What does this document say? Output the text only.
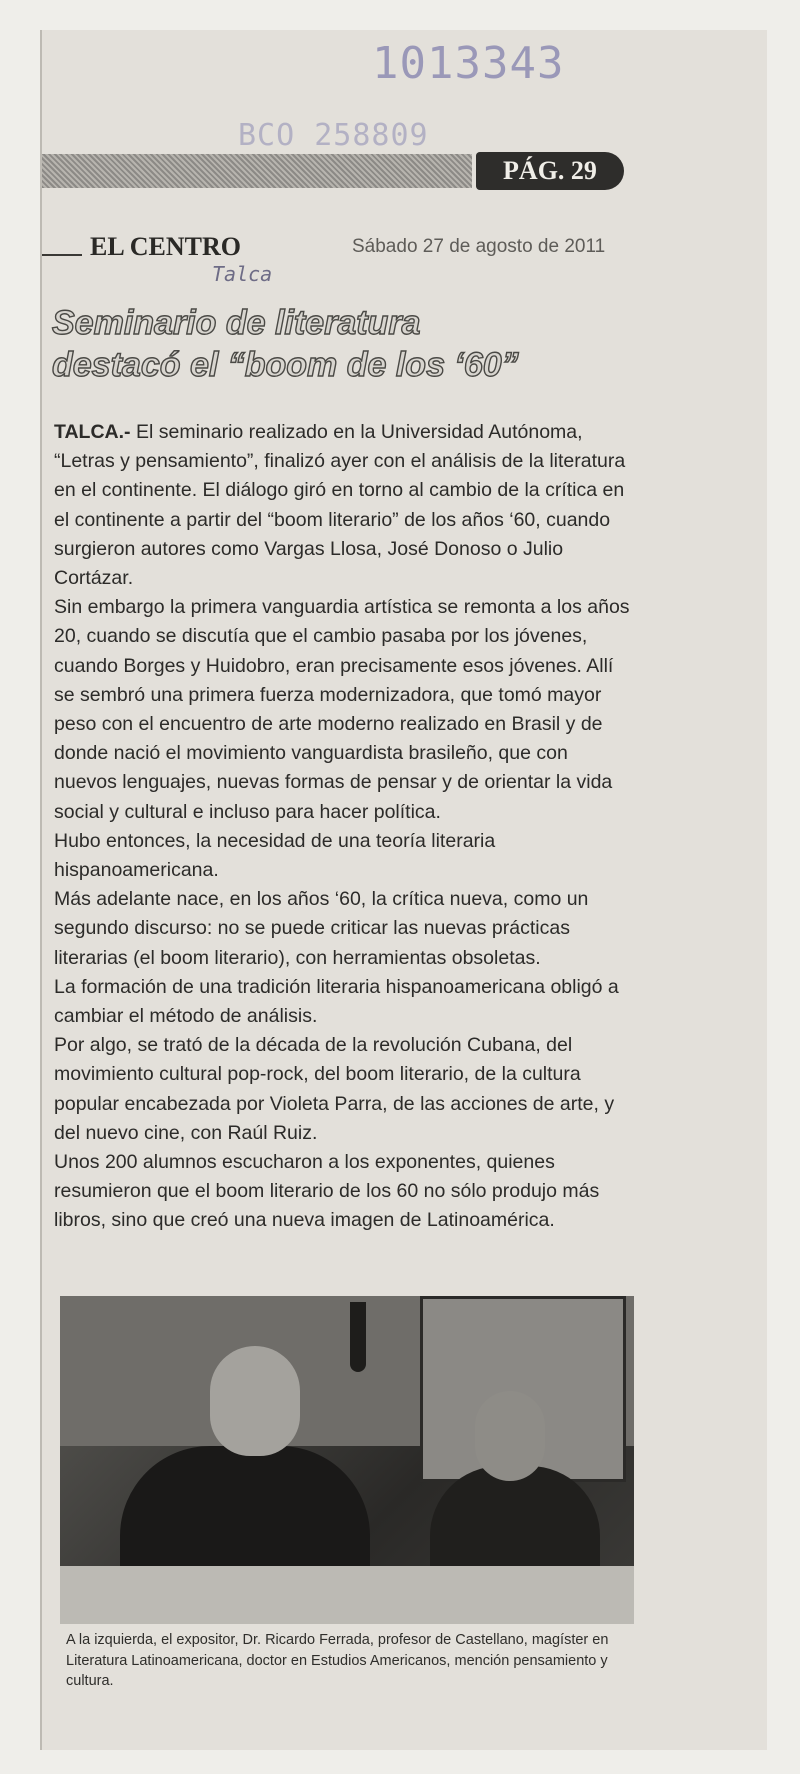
1013343
BCO 258809
PÁG. 29
EL CENTRO
Talca
Sábado 27 de agosto de 2011
Seminario de literatura
destacó el “boom de los ‘60”

TALCA.- El seminario realizado en la Universidad Autónoma, “Letras y pensamiento”, finalizó ayer con el análisis de la literatura en el continente. El diálogo giró en torno al cambio de la crítica en el continente a partir del “boom literario” de los años ‘60, cuando surgieron autores como Vargas Llosa, José Donoso o Julio Cortázar.

Sin embargo la primera vanguardia artística se remonta a los años 20, cuando se discutía que el cambio pasaba por los jóvenes, cuando Borges y Huidobro, eran precisamente esos jóvenes. Allí se sembró una primera fuerza modernizadora, que tomó mayor peso con el encuentro de arte moderno realizado en Brasil y de donde nació el movimiento vanguardista brasileño, que con nuevos lenguajes, nuevas formas de pensar y de orientar la vida social y cultural e incluso para hacer política.

Hubo entonces, la necesidad de una teoría literaria hispanoamericana.

Más adelante nace, en los años ‘60, la crítica nueva, como un segundo discurso: no se puede criticar las nuevas prácticas literarias (el boom literario), con herramientas obsoletas.

La formación de una tradición literaria hispanoamericana obligó a cambiar el método de análisis.

Por algo, se trató de la década de la revolución Cubana, del movimiento cultural pop-rock, del boom literario, de la cultura popular encabezada por Violeta Parra, de las acciones de arte, y del nuevo cine, con Raúl Ruiz.

Unos 200 alumnos escucharon a los exponentes, quienes resumieron que el boom literario de los 60 no sólo produjo más libros, sino que creó una nueva imagen de Latinoamérica.

A la izquierda, el expositor, Dr. Ricardo Ferrada, profesor de Castellano, magíster en Literatura Latinoamericana, doctor en Estudios Americanos, mención pensamiento y cultura.
